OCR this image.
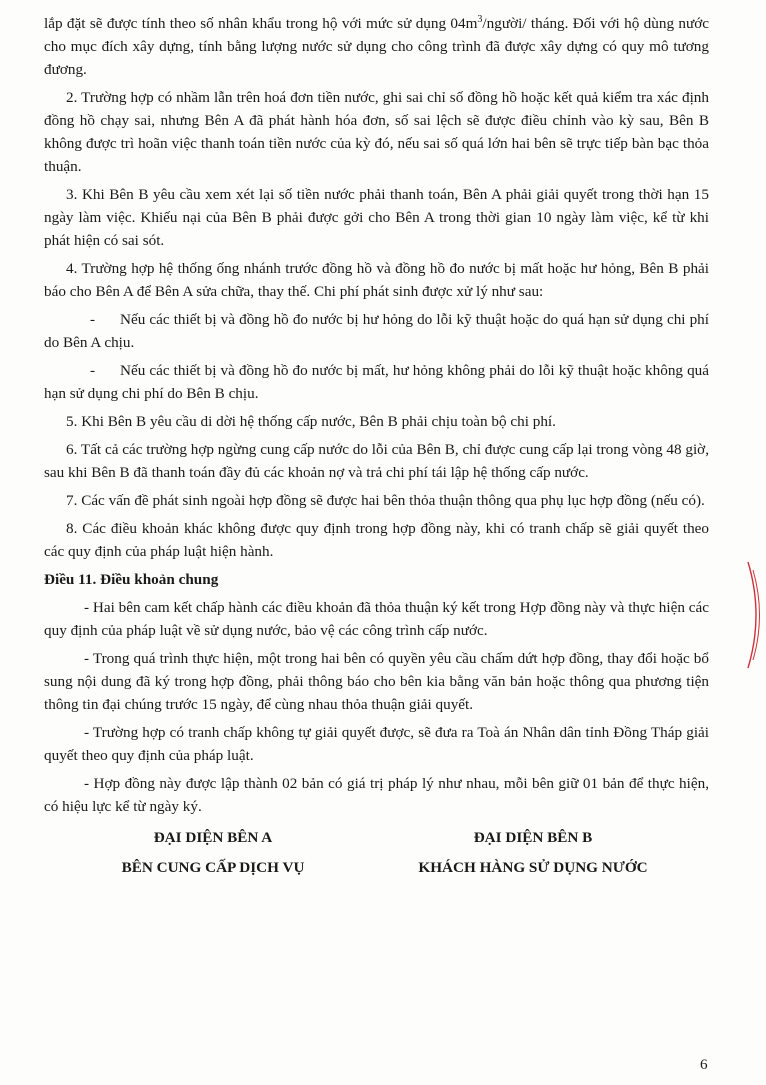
lắp đặt sẽ được tính theo số nhân khẩu trong hộ với mức sử dụng $04m^3/người/$ tháng. Đối với hộ dùng nước cho mục đích xây dựng, tính bằng lượng nước sử dụng cho công trình đã được xây dựng có quy mô tương đương.

2. Trường hợp có nhầm lẫn trên hoá đơn tiền nước, ghi sai chỉ số đồng hồ hoặc kết quả kiểm tra xác định đồng hồ chạy sai, nhưng Bên A đã phát hành hóa đơn, số sai lệch sẽ được điều chỉnh vào kỳ sau, Bên B không được trì hoãn việc thanh toán tiền nước của kỳ đó, nếu sai số quá lớn hai bên sẽ trực tiếp bàn bạc thỏa thuận.

3. Khi Bên B yêu cầu xem xét lại số tiền nước phải thanh toán, Bên A phải giải quyết trong thời hạn 15 ngày làm việc. Khiếu nại của Bên B phải được gởi cho Bên A trong thời gian 10 ngày làm việc, kể từ khi phát hiện có sai sót.

4. Trường hợp hệ thống ống nhánh trước đồng hồ và đồng hồ đo nước bị mất hoặc hư hỏng, Bên B phải báo cho Bên A để Bên A sửa chữa, thay thế. Chi phí phát sinh được xử lý như sau:

- Nếu các thiết bị và đồng hồ đo nước bị hư hỏng do lỗi kỹ thuật hoặc do quá hạn sử dụng chi phí do Bên A chịu.

- Nếu các thiết bị và đồng hồ đo nước bị mất, hư hỏng không phải do lỗi kỹ thuật hoặc không quá hạn sử dụng chi phí do Bên B chịu.

5. Khi Bên B yêu cầu di dời hệ thống cấp nước, Bên B phải chịu toàn bộ chi phí.

6. Tất cả các trường hợp ngừng cung cấp nước do lỗi của Bên B, chỉ được cung cấp lại trong vòng 48 giờ, sau khi Bên B đã thanh toán đầy đủ các khoản nợ và trả chi phí tái lập hệ thống cấp nước.

7. Các vấn đề phát sinh ngoài hợp đồng sẽ được hai bên thỏa thuận thông qua phụ lục hợp đồng (nếu có).

8. Các điều khoản khác không được quy định trong hợp đồng này, khi có tranh chấp sẽ giải quyết theo các quy định của pháp luật hiện hành.

Điều 11. Điều khoản chung

- Hai bên cam kết chấp hành các điều khoản đã thỏa thuận ký kết trong Hợp đồng này và thực hiện các quy định của pháp luật về sử dụng nước, bảo vệ các công trình cấp nước.

- Trong quá trình thực hiện, một trong hai bên có quyền yêu cầu chấm dứt hợp đồng, thay đổi hoặc bổ sung nội dung đã ký trong hợp đồng, phải thông báo cho bên kia bằng văn bản hoặc thông qua phương tiện thông tin đại chúng trước 15 ngày, để cùng nhau thỏa thuận giải quyết.

- Trường hợp có tranh chấp không tự giải quyết được, sẽ đưa ra Toà án Nhân dân tỉnh Đồng Tháp giải quyết theo quy định của pháp luật.

- Hợp đồng này được lập thành 02 bản có giá trị pháp lý như nhau, mỗi bên giữ 01 bản để thực hiện, có hiệu lực kể từ ngày ký.

ĐẠI DIỆN BÊN A
BÊN CUNG CẤP DỊCH VỤ
ĐẠI DIỆN BÊN B
KHÁCH HÀNG SỬ DỤNG NƯỚC
6
